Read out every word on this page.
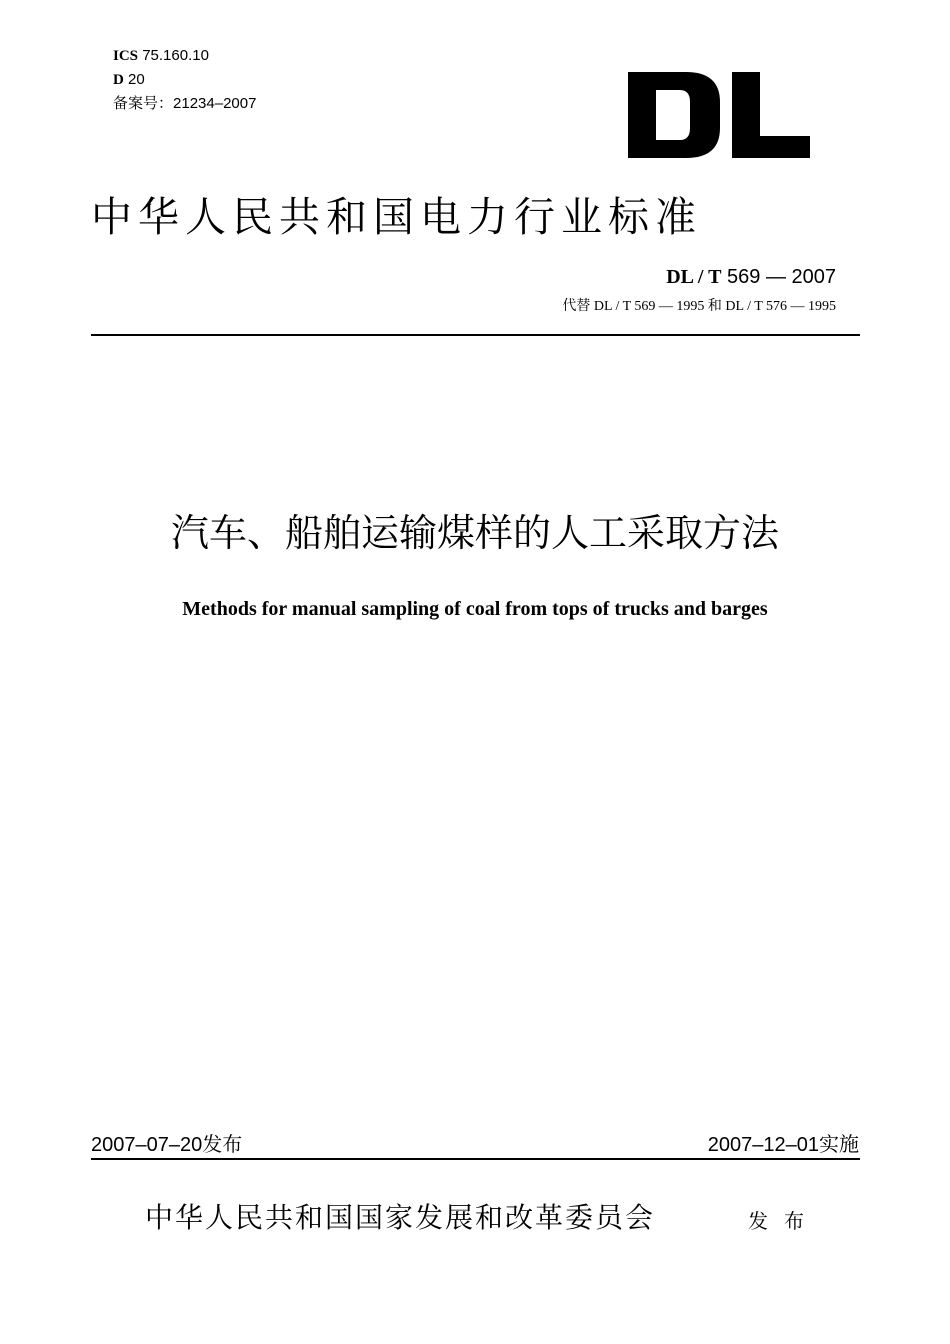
ICS 75.160.10
D 20
备案号：21234–2007
中华人民共和国电力行业标准
DL / T 569 — 2007
代替 DL / T 569 — 1995 和 DL / T 576 — 1995
汽车、船舶运输煤样的人工采取方法
Methods for manual sampling of coal from tops of trucks and barges
2007–07–20发布	2007–12–01实施
中华人民共和国国家发展和改革委员会	发布
